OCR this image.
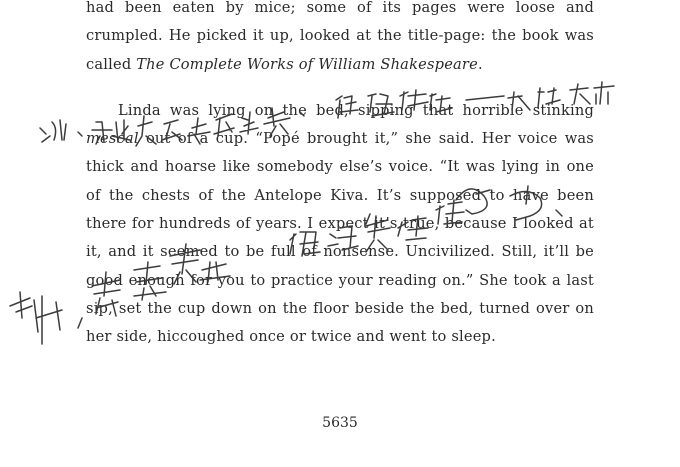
had been eaten by mice; some of its pages were loose and crumpled. He picked it up, looked at the title-page: the book was called The Complete Works of William Shakespeare.

Linda was lying on the bed, sipping that horrible stinking mescal out of a cup. “Popé brought it,” she said. Her voice was thick and hoarse like somebody else’s voice. “It was lying in one of the chests of the Antelope Kiva. It’s supposed to have been there for hundreds of years. I expect it’s true, because I looked at it, and it seemed to be full of nonsense. Uncivilized. Still, it’ll be good enough for you to practice your reading on.” She took a last sip, set the cup down on the floor beside the bed, turned over on her side, hiccoughed once or twice and went to sleep.

5635
